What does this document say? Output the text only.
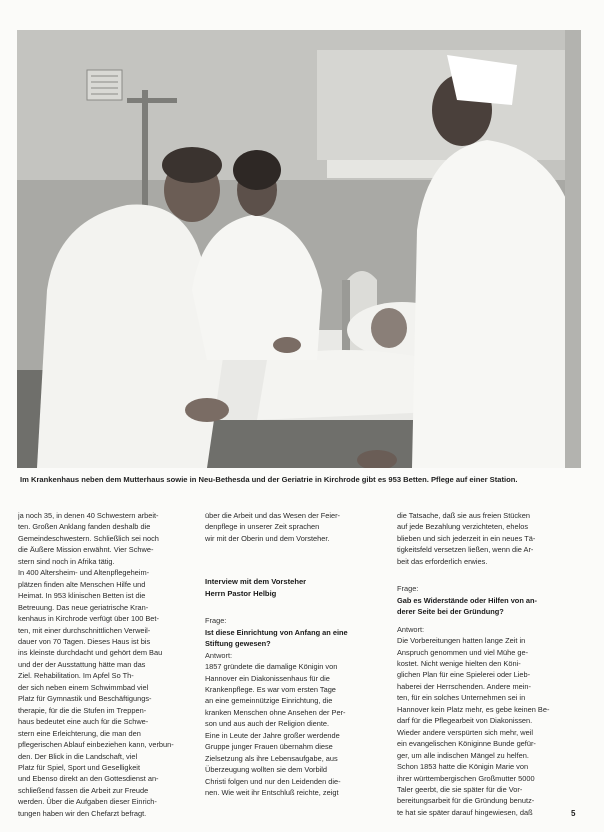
Im Krankenhaus neben dem Mutterhaus sowie in Neu-Bethesda und der Geriatrie in Kirchrode gibt es 953 Betten. Pflege auf einer Station.

ja noch 35, in denen 40 Schwestern arbeit-

ten. Großen Anklang fanden deshalb die

Gemeindeschwestern. Schließlich sei noch

die Äußere Mission erwähnt. Vier Schwe-

stern sind noch in Afrika tätig.

In 400 Altersheim- und Altenpflegeheim-

plätzen finden alte Menschen Hilfe und

Heimat. In 953 klinischen Betten ist die

Betreuung. Das neue geriatrische Kran-

kenhaus in Kirchrode verfügt über 100 Bet-

ten, mit einer durchschnittlichen Verweil-

dauer von 70 Tagen. Dieses Haus ist bis

ins kleinste durchdacht und gehört dem Bau

und der der Ausstattung hätte man das

Ziel. Rehabilitation. Im Apfel So Th-

der sich neben einem Schwimmbad viel

Platz für Gymnastik und Beschäftigungs-

therapie, für die die Stufen im Treppen-

haus bedeutet eine auch für die Schwe-

stern eine Erleichterung, die man den

pflegerischen Ablauf einbeziehen kann, verbun-

den. Der Blick in die Landschaft, viel

Platz für Spiel, Sport und Geselligkeit

und Ebenso direkt an den Gottesdienst an-

schließend fassen die Arbeit zur Freude

werden. Über die Aufgaben dieser Einrich-

tungen haben wir den Chefarzt befragt.

über die Arbeit und das Wesen der Feier-

denpflege in unserer Zeit sprachen

wir mit der Oberin und dem Vorsteher.

Interview mit dem Vorsteher

Herrn Pastor Helbig

Frage:

Ist diese Einrichtung von Anfang an eine

Stiftung gewesen?

Antwort:

1857 gründete die damalige Königin von

Hannover ein Diakonissenhaus für die

Krankenpflege. Es war vom ersten Tage

an eine gemeinnützige Einrichtung, die

kranken Menschen ohne Ansehen der Per-

son und aus auch der Religion diente.

Eine in Leute der Jahre großer werdende

Gruppe junger Frauen übernahm diese

Zielsetzung als ihre Lebensaufgabe, aus

Überzeugung wollten sie dem Vorbild

Christi folgen und nur den Leidenden die-

nen. Wie weit ihr Entschluß reichte, zeigt

die Tatsache, daß sie aus freien Stücken

auf jede Bezahlung verzichteten, ehelos

blieben und sich jederzeit in ein neues Tä-

tigkeitsfeld versetzen ließen, wenn die Ar-

beit das erforderlich erwies.

Frage:

Gab es Widerstände oder Hilfen von an-

derer Seite bei der Gründung?

Antwort:

Die Vorbereitungen hatten lange Zeit in

Anspruch genommen und viel Mühe ge-

kostet. Nicht wenige hielten den Köni-

glichen Plan für eine Spielerei oder Lieb-

haberei der Herrschenden. Andere mein-

ten, für ein solches Unternehmen sei in

Hannover kein Platz mehr, es gebe keinen Be-

darf für die Pflegearbeit von Diakonissen.

Wieder andere verspürten sich mehr, weil

ein evangelischen Königinne Bunde gefür-

ger, um alle indischen Mängel zu helfen.

Schon 1853 hatte die Königin Marie von

ihrer württembergischen Großmutter 5000

Taler geerbt, die sie später für die Vor-

bereitungsarbeit für die Gründung benutz-

te hat sie später darauf hingewiesen, daß	5
